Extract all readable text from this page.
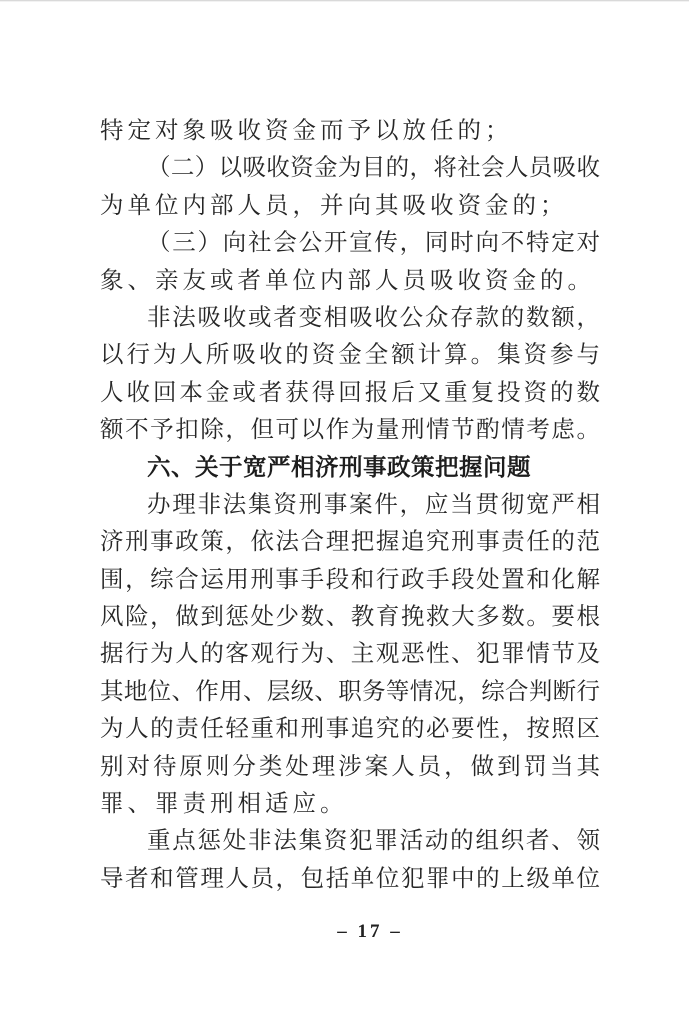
特定对象吸收资金而予以放任的；
（二）以吸收资金为目的，将社会人员吸收
为单位内部人员，并向其吸收资金的；
（三）向社会公开宣传，同时向不特定对
象、亲友或者单位内部人员吸收资金的。
非法吸收或者变相吸收公众存款的数额，
以行为人所吸收的资金全额计算。集资参与
人收回本金或者获得回报后又重复投资的数
额不予扣除，但可以作为量刑情节酌情考虑。
六、关于宽严相济刑事政策把握问题
办理非法集资刑事案件，应当贯彻宽严相
济刑事政策，依法合理把握追究刑事责任的范
围，综合运用刑事手段和行政手段处置和化解
风险，做到惩处少数、教育挽救大多数。要根
据行为人的客观行为、主观恶性、犯罪情节及
其地位、作用、层级、职务等情况，综合判断行
为人的责任轻重和刑事追究的必要性，按照区
别对待原则分类处理涉案人员，做到罚当其
罪、罪责刑相适应。
重点惩处非法集资犯罪活动的组织者、领
导者和管理人员，包括单位犯罪中的上级单位
– 17 –
